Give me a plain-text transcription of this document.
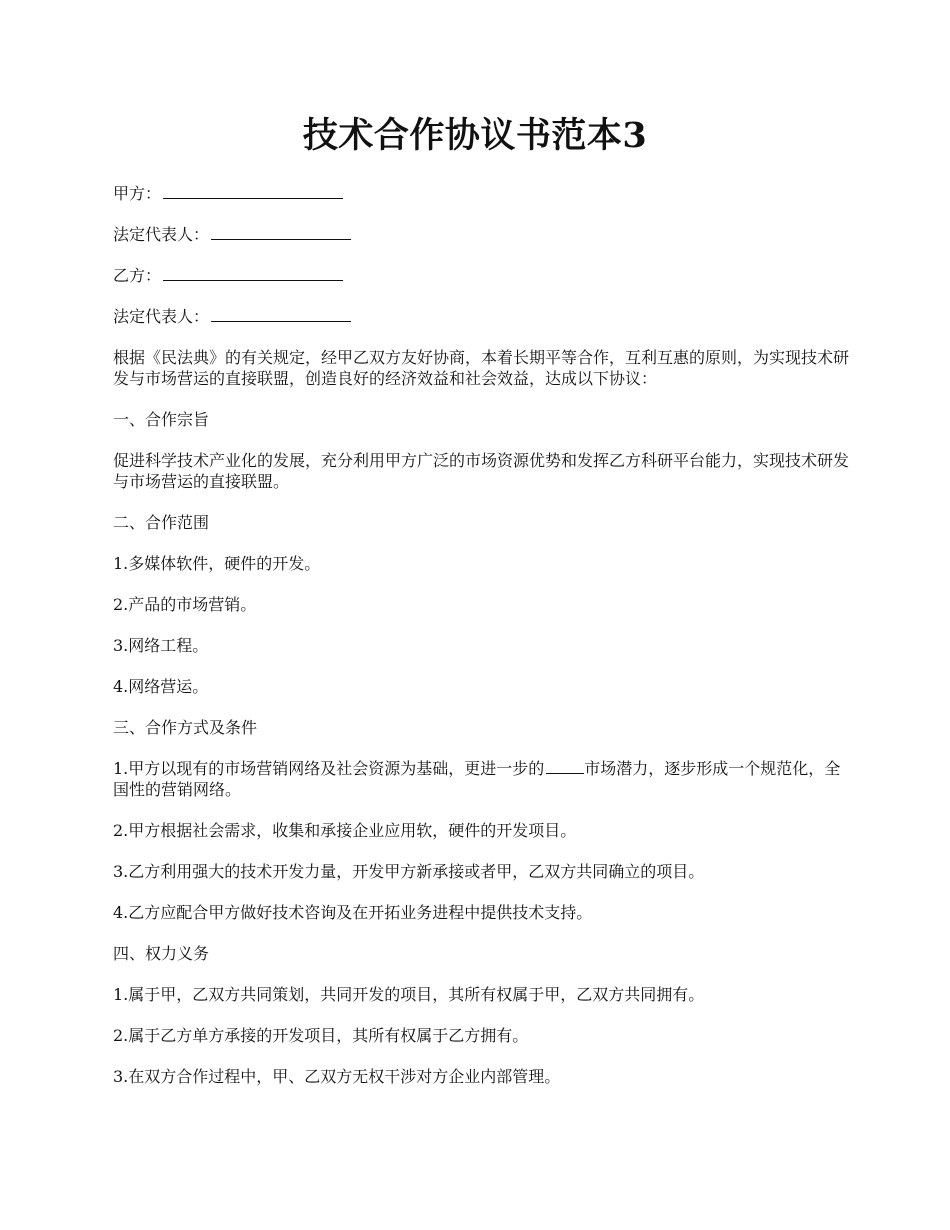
技术合作协议书范本3

甲方：

法定代表人：

乙方：

法定代表人：

根据《民法典》的有关规定，经甲乙双方友好协商，本着长期平等合作，互利互惠的原则，为实现技术研发与市场营运的直接联盟，创造良好的经济效益和社会效益，达成以下协议：

一、合作宗旨

促进科学技术产业化的发展，充分利用甲方广泛的市场资源优势和发挥乙方科研平台能力，实现技术研发与市场营运的直接联盟。

二、合作范围

1.多媒体软件，硬件的开发。

2.产品的市场营销。

3.网络工程。

4.网络营运。

三、合作方式及条件

1.甲方以现有的市场营销网络及社会资源为基础，更进一步的	市场潜力，逐步形成一个规范化，全国性的营销网络。

2.甲方根据社会需求，收集和承接企业应用软，硬件的开发项目。

3.乙方利用强大的技术开发力量，开发甲方新承接或者甲，乙双方共同确立的项目。

4.乙方应配合甲方做好技术咨询及在开拓业务进程中提供技术支持。

四、权力义务

1.属于甲，乙双方共同策划，共同开发的项目，其所有权属于甲，乙双方共同拥有。

2.属于乙方单方承接的开发项目，其所有权属于乙方拥有。

3.在双方合作过程中，甲、乙双方无权干涉对方企业内部管理。
